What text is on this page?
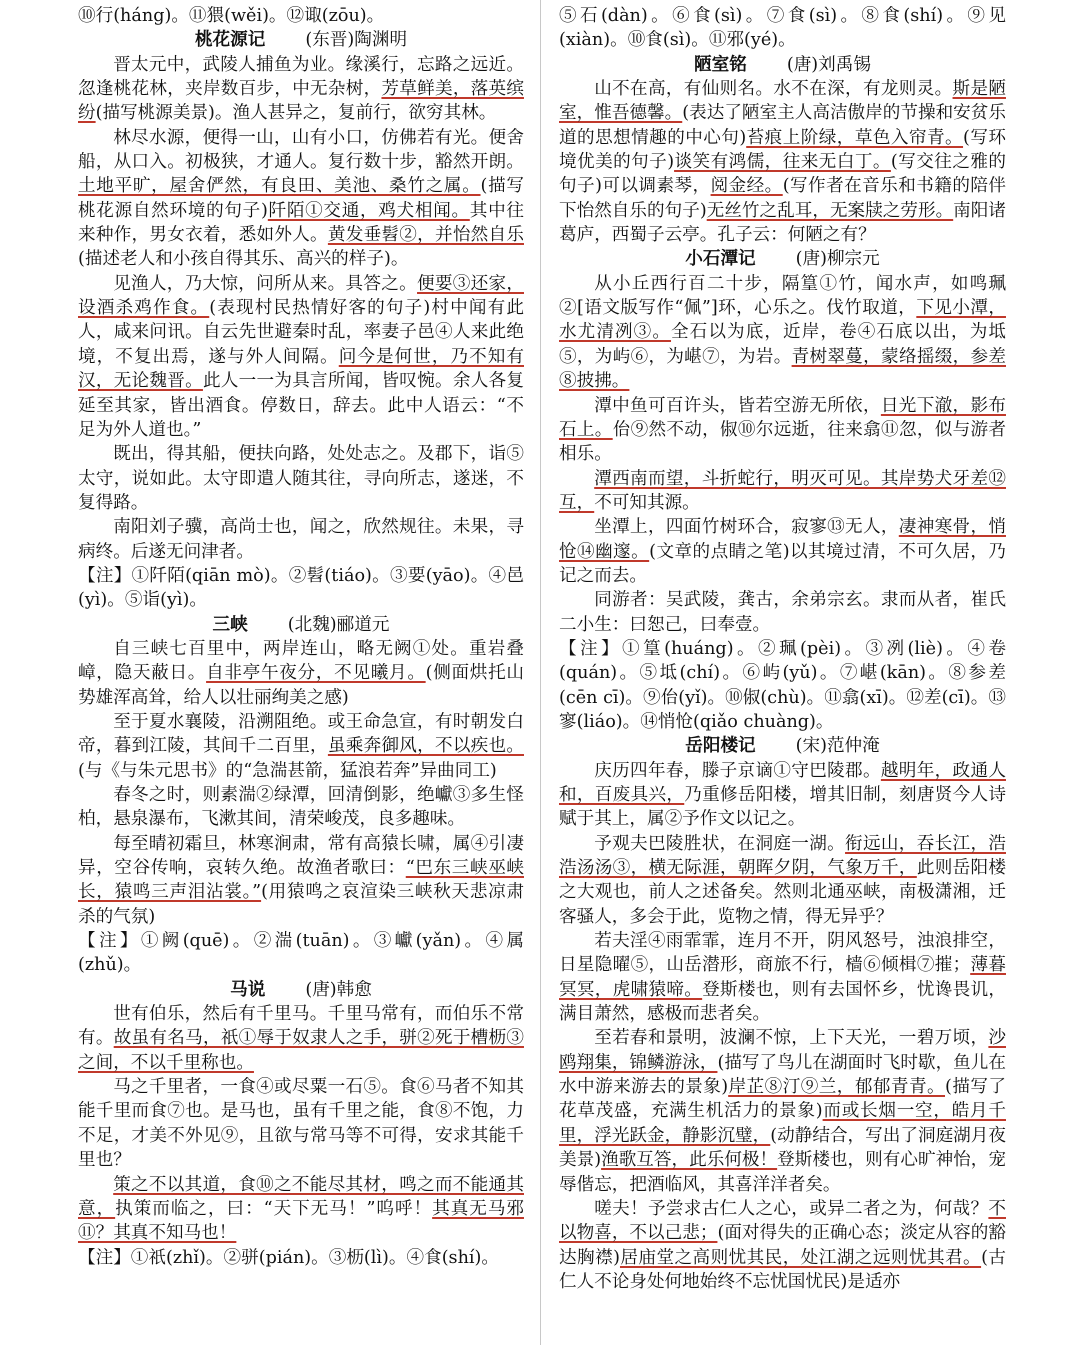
⑩行(háng)。⑪猥(wěi)。⑫诹(zōu)。

桃花源记 (东晋)陶渊明

晋太元中，武陵人捕鱼为业。缘溪行，忘路之远近。忽逢桃花林，夹岸数百步，中无杂树，芳草鲜美，落英缤纷(描写桃源美景)。渔人甚异之，复前行，欲穷其林。

林尽水源，便得一山，山有小口，仿佛若有光。便舍船，从口入。初极狭，才通人。复行数十步，豁然开朗。土地平旷，屋舍俨然，有良田、美池、桑竹之属。(描写桃花源自然环境的句子)阡陌①交通，鸡犬相闻。其中往来种作，男女衣着，悉如外人。黄发垂髫②，并怡然自乐(描述老人和小孩自得其乐、高兴的样子)。

见渔人，乃大惊，问所从来。具答之。便要③还家，设酒杀鸡作食。(表现村民热情好客的句子)村中闻有此人，咸来问讯。自云先世避秦时乱，率妻子邑④人来此绝境，不复出焉，遂与外人间隔。问今是何世，乃不知有汉，无论魏晋。此人一一为具言所闻，皆叹惋。余人各复延至其家，皆出酒食。停数日，辞去。此中人语云：“不足为外人道也。”

既出，得其船，便扶向路，处处志之。及郡下，诣⑤太守，说如此。太守即遣人随其往，寻向所志，遂迷，不复得路。

南阳刘子骥，高尚士也，闻之，欣然规往。未果，寻病终。后遂无问津者。

【注】①阡陌(qiān mò)。②髫(tiáo)。③要(yāo)。④邑(yì)。⑤诣(yì)。

三峡 (北魏)郦道元

自三峡七百里中，两岸连山，略无阙①处。重岩叠嶂，隐天蔽日。自非亭午夜分，不见曦月。(侧面烘托山势雄浑高耸，给人以壮丽绚美之感)

至于夏水襄陵，沿溯阻绝。或王命急宣，有时朝发白帝，暮到江陵，其间千二百里，虽乘奔御风，不以疾也。(与《与朱元思书》的“急湍甚箭，猛浪若奔”异曲同工)

春冬之时，则素湍②绿潭，回清倒影，绝巘③多生怪柏，悬泉瀑布，飞漱其间，清荣峻茂，良多趣味。

每至晴初霜旦，林寒涧肃，常有高猿长啸，属④引凄异，空谷传响，哀转久绝。故渔者歌曰：“巴东三峡巫峡长，猿鸣三声泪沾裳。”(用猿鸣之哀渲染三峡秋天悲凉肃杀的气氛)

【注】①阙(quē)。②湍(tuān)。③巘(yǎn)。④属(zhǔ)。

马说 (唐)韩愈

世有伯乐，然后有千里马。千里马常有，而伯乐不常有。故虽有名马，祇①辱于奴隶人之手，骈②死于槽枥③之间，不以千里称也。

马之千里者，一食④或尽粟一石⑤。食⑥马者不知其能千里而食⑦也。是马也，虽有千里之能，食⑧不饱，力不足，才美不外见⑨，且欲与常马等不可得，安求其能千里也？

策之不以其道，食⑩之不能尽其材，鸣之而不能通其意，执策而临之，曰：“天下无马！”呜呼！其真无马邪⑪？其真不知马也！

【注】①祇(zhǐ)。②骈(pián)。③枥(lì)。④食(shí)。

⑤石(dàn)。⑥食(sì)。⑦食(sì)。⑧食(shí)。⑨见(xiàn)。⑩食(sì)。⑪邪(yé)。

陋室铭 (唐)刘禹锡

山不在高，有仙则名。水不在深，有龙则灵。斯是陋室，惟吾德馨。(表达了陋室主人高洁傲岸的节操和安贫乐道的思想情趣的中心句)苔痕上阶绿，草色入帘青。(写环境优美的句子)谈笑有鸿儒，往来无白丁。(写交往之雅的句子)可以调素琴，阅金经。(写作者在音乐和书籍的陪伴下怡然自乐的句子)无丝竹之乱耳，无案牍之劳形。南阳诸葛庐，西蜀子云亭。孔子云：何陋之有？

小石潭记 (唐)柳宗元

从小丘西行百二十步，隔篁①竹，闻水声，如鸣珮②[语文版写作“佩”]环，心乐之。伐竹取道，下见小潭，水尤清冽③。全石以为底，近岸，卷④石底以出，为坻⑤，为屿⑥，为嵁⑦，为岩。青树翠蔓，蒙络摇缀，参差⑧披拂。

潭中鱼可百许头，皆若空游无所依，日光下澈，影布石上。佁⑨然不动，俶⑩尔远逝，往来翕⑪忽，似与游者相乐。

潭西南而望，斗折蛇行，明灭可见。其岸势犬牙差⑫互，不可知其源。

坐潭上，四面竹树环合，寂寥⑬无人，凄神寒骨，悄怆⑭幽邃。(文章的点睛之笔)以其境过清，不可久居，乃记之而去。

同游者：吴武陵，龚古，余弟宗玄。隶而从者，崔氏二小生：曰恕己，曰奉壹。

【注】①篁(huáng)。②珮(pèi)。③冽(liè)。④卷(quán)。⑤坻(chí)。⑥屿(yǔ)。⑦嵁(kān)。⑧参差(cēn cī)。⑨佁(yǐ)。⑩俶(chù)。⑪翕(xī)。⑫差(cī)。⑬寥(liáo)。⑭悄怆(qiǎo chuàng)。

岳阳楼记 (宋)范仲淹

庆历四年春，滕子京谪①守巴陵郡。越明年，政通人和，百废具兴，乃重修岳阳楼，增其旧制，刻唐贤今人诗赋于其上，属②予作文以记之。

予观夫巴陵胜状，在洞庭一湖。衔远山，吞长江，浩浩汤汤③，横无际涯，朝晖夕阴，气象万千，此则岳阳楼之大观也，前人之述备矣。然则北通巫峡，南极潇湘，迁客骚人，多会于此，览物之情，得无异乎？

若夫淫④雨霏霏，连月不开，阴风怒号，浊浪排空，日星隐曜⑤，山岳潜形，商旅不行，樯⑥倾楫⑦摧；薄暮冥冥，虎啸猿啼。登斯楼也，则有去国怀乡，忧谗畏讥，满目萧然，感极而悲者矣。

至若春和景明，波澜不惊，上下天光，一碧万顷，沙鸥翔集，锦鳞游泳，(描写了鸟儿在湖面时飞时歇，鱼儿在水中游来游去的景象)岸芷⑧汀⑨兰，郁郁青青。(描写了花草茂盛，充满生机活力的景象)而或长烟一空，皓月千里，浮光跃金，静影沉璧，(动静结合，写出了洞庭湖月夜美景)渔歌互答，此乐何极！登斯楼也，则有心旷神怡，宠辱偕忘，把酒临风，其喜洋洋者矣。

嗟夫！予尝求古仁人之心，或异二者之为，何哉？不以物喜，不以己悲；(面对得失的正确心态；淡定从容的豁达胸襟)居庙堂之高则忧其民，处江湖之远则忧其君。(古仁人不论身处何地始终不忘忧国忧民)是适亦
